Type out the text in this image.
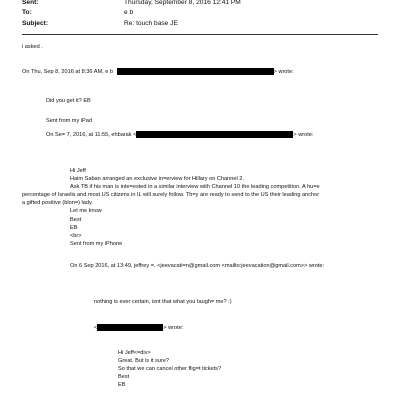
Sent:	Thursday, September 8, 2016 12:41 PM
To:	e b
Subject:	Re: touch base JE
i asked .
On Thu, Sep 8, 2016 at 8:36 AM, e b	> wrote:
Did you get it? EB
Sent from my iPad
On Se= 7, 2016, at 11:55, ehbarak <	> wrote:
Hi Jeff
Haim Saban arranged an exclusive in=erview for Hillary on Channel 2.
Ask TB if his man is inte=ested in a similar interview with Channel 10 the leading competition. A hu=e
percentage of Israelis and most US citizens in IL will surely follow. Th=y are ready to send to the US their leading anchor
a gifted positive (blon=) lady.
Let me know
Best
EB
<br>
Sent from my iPhone
On 6 Sep 2016, at 13:49, jeffrey =. <jeevacati=n@gmail.com <mailto:jeevacation@gmail.com>> wrote:
nothing is ever certain, isnt that what you taugh= me? :)
<	> wrote:
Hi Jeff<=div>
Great. But is it sure?
So that we can cancel other flig=t tickets?
Best
EB
